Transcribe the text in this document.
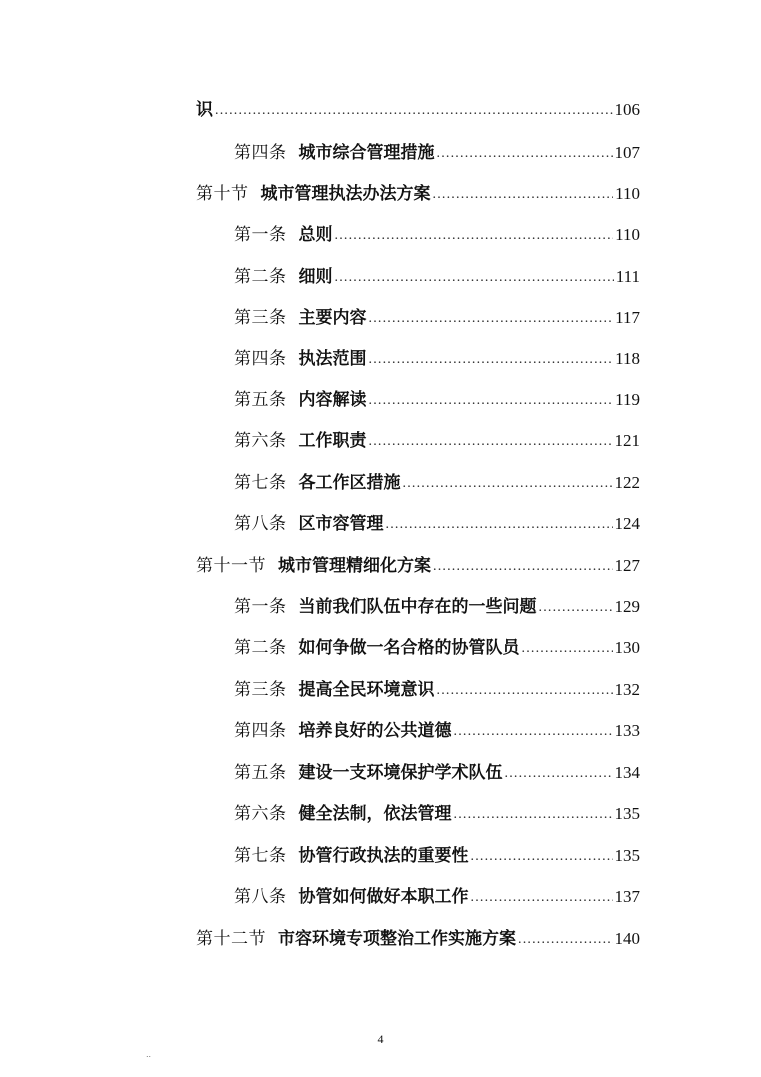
识 .....	106
第四条 城市综合管理措施 .....	107
第十节 城市管理执法办法方案 .....	110
第一条 总则 .....	110
第二条 细则 .....	111
第三条 主要内容 .....	117
第四条 执法范围 .....	118
第五条 内容解读 .....	119
第六条 工作职责 .....	121
第七条 各工作区措施 .....	122
第八条 区市容管理 .....	124
第十一节 城市管理精细化方案 .....	127
第一条 当前我们队伍中存在的一些问题 .....	129
第二条 如何争做一名合格的协管队员 .....	130
第三条 提高全民环境意识 .....	132
第四条 培养良好的公共道德 .....	133
第五条 建设一支环境保护学术队伍 .....	134
第六条 健全法制，依法管理 .....	135
第七条 协管行政执法的重要性 .....	135
第八条 协管如何做好本职工作 .....	137
第十二节 市容环境专项整治工作实施方案 .....	140
4
..
